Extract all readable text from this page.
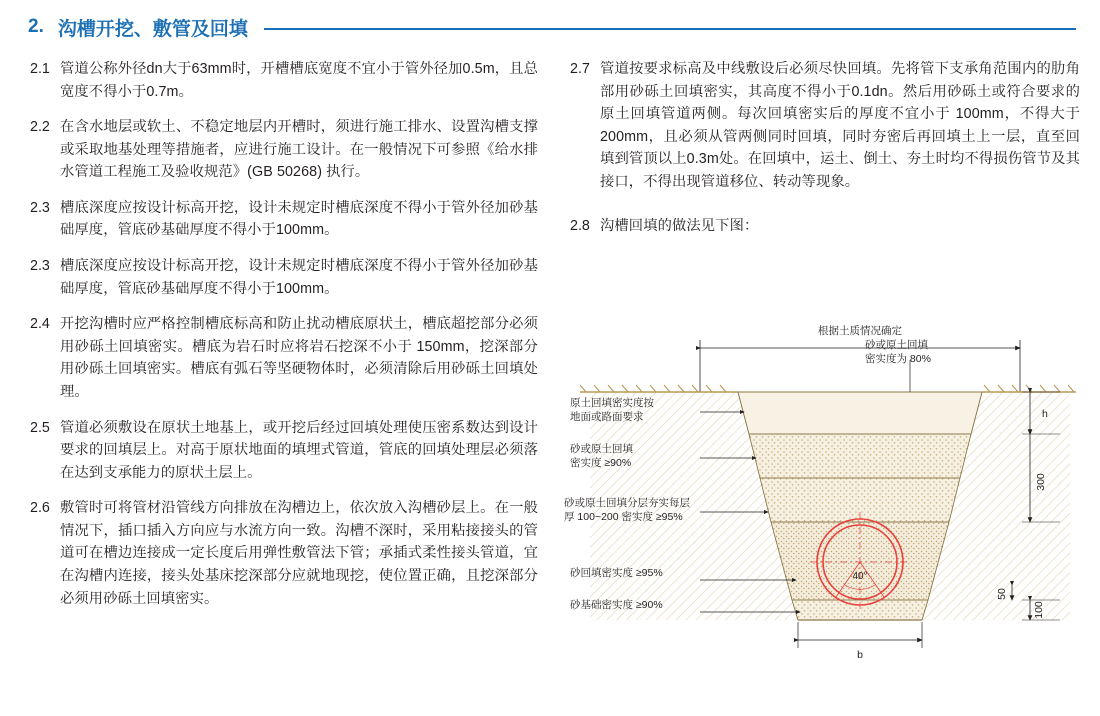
2. 沟槽开挖、敷管及回填
2.1 管道公称外径dn大于63mm时，开槽槽底宽度不宜小于管外径加0.5m，且总宽度不得小于0.7m。
2.2 在含水地层或软土、不稳定地层内开槽时，须进行施工排水、设置沟槽支撑或采取地基处理等措施者，应进行施工设计。在一般情况下可参照《给水排水管道工程施工及验收规范》(GB 50268) 执行。
2.3 槽底深度应按设计标高开挖，设计未规定时槽底深度不得小于管外径加砂基础厚度，管底砂基础厚度不得小于100mm。
2.3 槽底深度应按设计标高开挖，设计未规定时槽底深度不得小于管外径加砂基础厚度，管底砂基础厚度不得小于100mm。
2.4 开挖沟槽时应严格控制槽底标高和防止扰动槽底原状土，槽底超挖部分必须用砂砾土回填密实。槽底为岩石时应将岩石挖深不小于 150mm，挖深部分用砂砾土回填密实。槽底有弧石等坚硬物体时，必须清除后用砂砾土回填处理。
2.5 管道必须敷设在原状土地基上，或开挖后经过回填处理使压密系数达到设计要求的回填层上。对高于原状地面的填埋式管道，管底的回填处理层必须落在达到支承能力的原状土层上。
2.6 敷管时可将管材沿管线方向排放在沟槽边上，依次放入沟槽砂层上。在一般情况下，插口插入方向应与水流方向一致。沟槽不深时，采用粘接接头的管道可在槽边连接成一定长度后用弹性敷管法下管；承插式柔性接头管道，宜在沟槽内连接，接头处基床挖深部分应就地现挖，使位置正确，且挖深部分必须用砂砾土回填密实。
2.7 管道按要求标高及中线敷设后必须尽快回填。先将管下支承角范围内的肋角部用砂砾土回填密实，其高度不得小于0.1dn。然后用砂砾土或符合要求的原土回填管道两侧。每次回填密实后的厚度不宜小于 100mm，不得大于 200mm，且必须从管两侧同时回填，同时夯密后再回填土上一层，直至回填到管顶以上0.3m处。在回填中，运土、倒土、夯土时均不得损伤管节及其接口，不得出现管道移位、转动等现象。
2.8 沟槽回填的做法见下图：
根据土质情况确定
40°
h
300
100
50
b
砂或原土回填
密实度为 80%
原土回填密实度按
地面或路面要求
砂或原土回填
密实度 ≥90%
砂或原土回填分层夯实每层
厚 100~200 密实度 ≥95%
砂回填密实度 ≥95%
砂基础密实度 ≥90%
